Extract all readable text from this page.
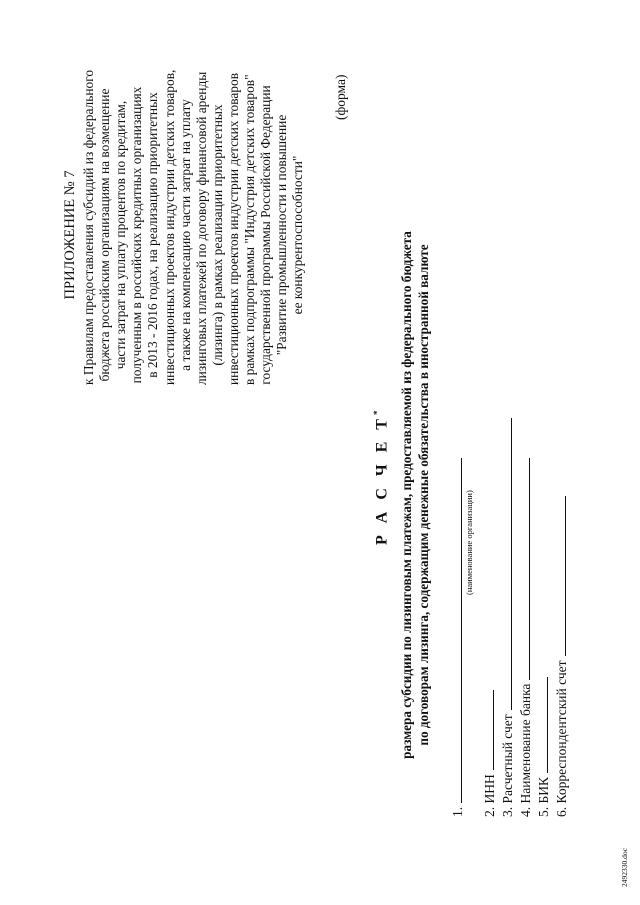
ПРИЛОЖЕНИЕ № 7 к Правилам предоставления субсидий из федерального бюджета российским организациям на возмещение части затрат на уплату процентов по кредитам, полученным в российских кредитных организациях в 2013 - 2016 годах, на реализацию приоритетных инвестиционных проектов индустрии детских товаров, а также на компенсацию части затрат на уплату лизинговых платежей по договору финансовой аренды (лизинга) в рамках реализации приоритетных инвестиционных проектов индустрии детских товаров в рамках подпрограммы "Индустрия детских товаров" государственной программы Российской Федерации "Развитие промышленности и повышение ее конкурентоспособности"
(форма)
Р А С Ч Е Т*	размера субсидии по лизинговым платежам, предоставляемой из федерального бюджета по договорам лизинга, содержащим денежные обязательства в иностранной валюте
1.
(наименование организации)
2. ИНН 3. Расчетный счет 4. Наименование банка 5. БИК 6. Корреспондентский счет
2492330.doc
